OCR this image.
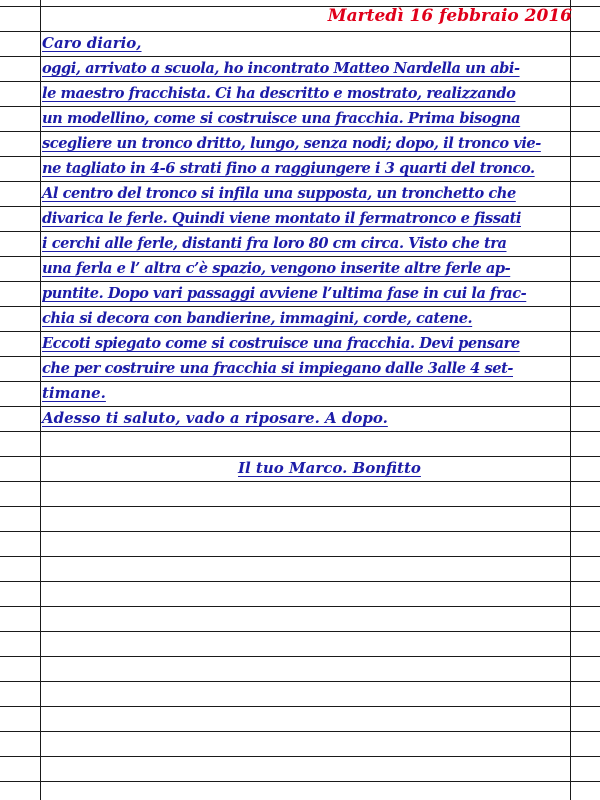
Martedì 16 febbraio 2016
Caro diario,
oggi, arrivato a scuola, ho incontrato Matteo Nardella un abi-
le maestro fracchista. Ci ha descritto e mostrato, realizzando
un modellino, come si costruisce una fracchia. Prima bisogna
scegliere un tronco dritto, lungo, senza nodi; dopo, il tronco vie-
ne tagliato in 4-6 strati fino a raggiungere i 3 quarti del tronco.
Al centro del tronco si infila una supposta, un tronchetto che
divarica le ferle. Quindi viene montato il fermatronco e fissati
i cerchi alle ferle, distanti fra loro 80 cm circa. Visto che tra
una ferla e l’ altra c’è spazio, vengono inserite altre ferle ap-
puntite. Dopo vari passaggi avviene l’ultima fase in cui la frac-
chia si decora con bandierine, immagini, corde, catene.
Eccoti spiegato come si costruisce una fracchia. Devi pensare
che per costruire una fracchia si impiegano dalle 3alle 4 set-
timane.
Adesso ti saluto, vado a riposare. A dopo.
Il tuo Marco. Bonfitto
